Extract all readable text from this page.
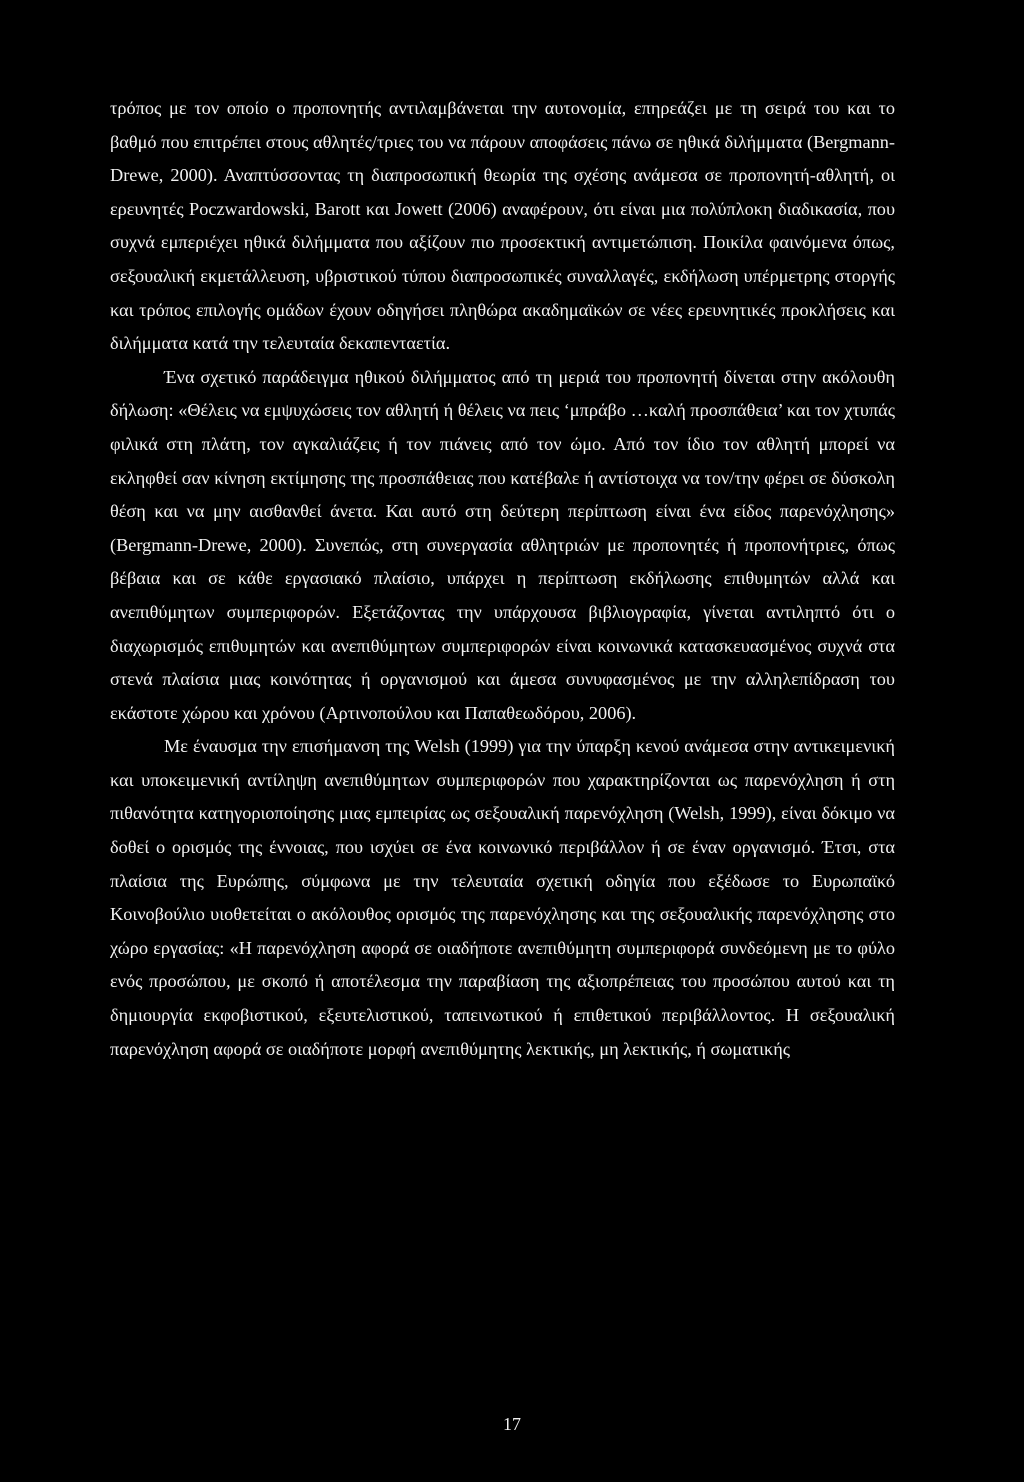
τρόπος με τον οποίο ο προπονητής αντιλαμβάνεται την αυτονομία, επηρεάζει με τη σειρά του και το βαθμό που επιτρέπει στους αθλητές/τριες του να πάρουν αποφάσεις πάνω σε ηθικά διλήμματα (Bergmann-Drewe, 2000). Αναπτύσσοντας τη διαπροσωπική θεωρία της σχέσης ανάμεσα σε προπονητή-αθλητή, οι ερευνητές Poczwardowski, Barott και Jowett (2006) αναφέρουν, ότι είναι μια πολύπλοκη διαδικασία, που συχνά εμπεριέχει ηθικά διλήμματα που αξίζουν πιο προσεκτική αντιμετώπιση. Ποικίλα φαινόμενα όπως, σεξουαλική εκμετάλλευση, υβριστικού τύπου διαπροσωπικές συναλλαγές, εκδήλωση υπέρμετρης στοργής και τρόπος επιλογής ομάδων έχουν οδηγήσει πληθώρα ακαδημαϊκών σε νέες ερευνητικές προκλήσεις και διλήμματα κατά την τελευταία δεκαπενταετία.

Ένα σχετικό παράδειγμα ηθικού διλήμματος από τη μεριά του προπονητή δίνεται στην ακόλουθη δήλωση: «Θέλεις να εμψυχώσεις τον αθλητή ή θέλεις να πεις ‘μπράβο …καλή προσπάθεια’ και τον χτυπάς φιλικά στη πλάτη, τον αγκαλιάζεις ή τον πιάνεις από τον ώμο. Από τον ίδιο τον αθλητή μπορεί να εκληφθεί σαν κίνηση εκτίμησης της προσπάθειας που κατέβαλε ή αντίστοιχα να τον/την φέρει σε δύσκολη θέση και να μην αισθανθεί άνετα. Και αυτό στη δεύτερη περίπτωση είναι ένα είδος παρενόχλησης» (Bergmann-Drewe, 2000). Συνεπώς, στη συνεργασία αθλητριών με προπονητές ή προπονήτριες, όπως βέβαια και σε κάθε εργασιακό πλαίσιο, υπάρχει η περίπτωση εκδήλωσης επιθυμητών αλλά και ανεπιθύμητων συμπεριφορών. Εξετάζοντας την υπάρχουσα βιβλιογραφία, γίνεται αντιληπτό ότι ο διαχωρισμός επιθυμητών και ανεπιθύμητων συμπεριφορών είναι κοινωνικά κατασκευασμένος συχνά στα στενά πλαίσια μιας κοινότητας ή οργανισμού και άμεσα συνυφασμένος με την αλληλεπίδραση του εκάστοτε χώρου και χρόνου (Αρτινοπούλου και Παπαθεωδόρου, 2006).

Με έναυσμα την επισήμανση της Welsh (1999) για την ύπαρξη κενού ανάμεσα στην αντικειμενική και υποκειμενική αντίληψη ανεπιθύμητων συμπεριφορών που χαρακτηρίζονται ως παρενόχληση ή στη πιθανότητα κατηγοριοποίησης μιας εμπειρίας ως σεξουαλική παρενόχληση (Welsh, 1999), είναι δόκιμο να δοθεί ο ορισμός της έννοιας, που ισχύει σε ένα κοινωνικό περιβάλλον ή σε έναν οργανισμό. Έτσι, στα πλαίσια της Ευρώπης, σύμφωνα με την τελευταία σχετική οδηγία που εξέδωσε το Ευρωπαϊκό Κοινοβούλιο υιοθετείται ο ακόλουθος ορισμός της παρενόχλησης και της σεξουαλικής παρενόχλησης στο χώρο εργασίας: «Η παρενόχληση αφορά σε οιαδήποτε ανεπιθύμητη συμπεριφορά συνδεόμενη με το φύλο ενός προσώπου, με σκοπό ή αποτέλεσμα την παραβίαση της αξιοπρέπειας του προσώπου αυτού και τη δημιουργία εκφοβιστικού, εξευτελιστικού, ταπεινωτικού ή επιθετικού περιβάλλοντος. Η σεξουαλική παρενόχληση αφορά σε οιαδήποτε μορφή ανεπιθύμητης λεκτικής, μη λεκτικής, ή σωματικής

17
